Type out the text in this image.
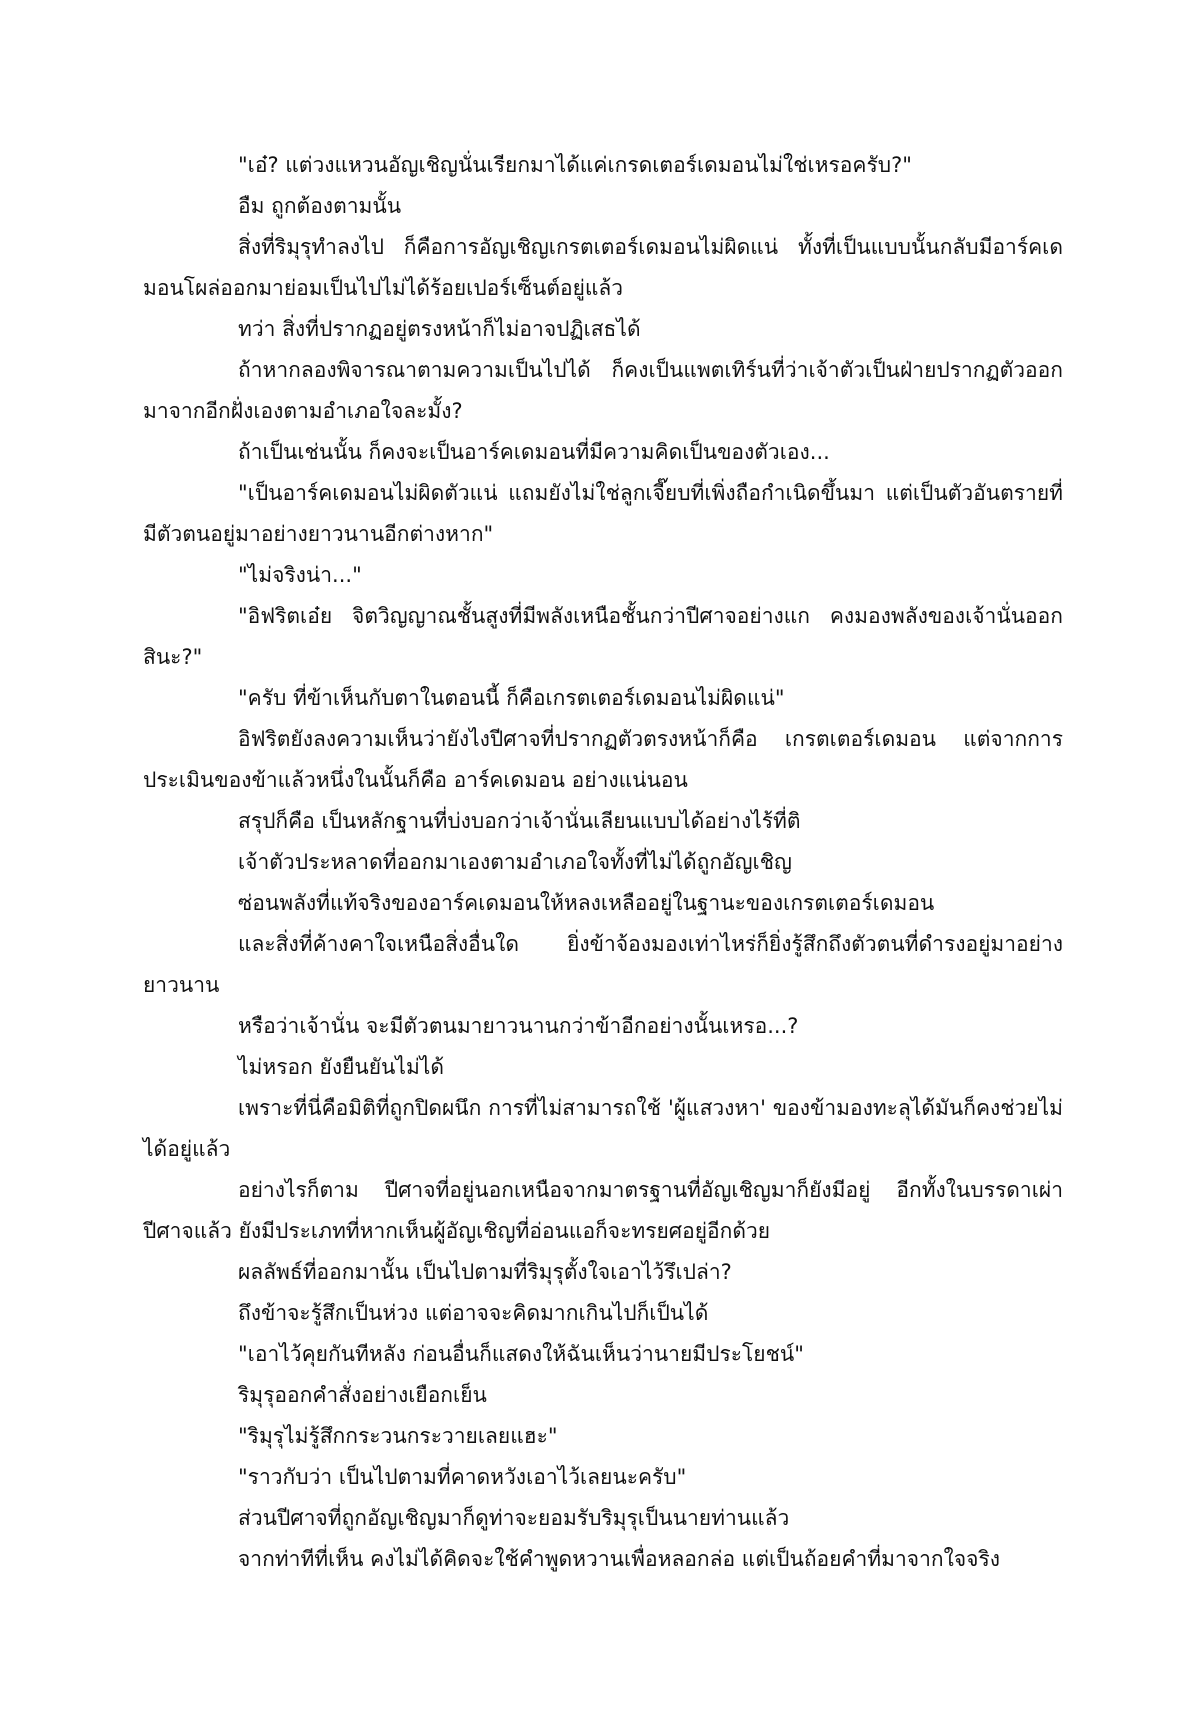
"เอ๋? แต่วงแหวนอัญเชิญนั่นเรียกมาได้แค่เกรดเตอร์เดมอนไม่ใช่เหรอครับ?"

อืม ถูกต้องตามนั้น

สิ่งที่ริมุรุทำลงไป ก็คือการอัญเชิญเกรตเตอร์เดมอนไม่ผิดแน่ ทั้งที่เป็นแบบนั้นกลับมีอาร์คเดมอนโผล่ออกมาย่อมเป็นไปไม่ได้ร้อยเปอร์เซ็นต์อยู่แล้ว

ทว่า สิ่งที่ปรากฏอยู่ตรงหน้าก็ไม่อาจปฏิเสธได้

ถ้าหากลองพิจารณาตามความเป็นไปได้ ก็คงเป็นแพตเทิร์นที่ว่าเจ้าตัวเป็นฝ่ายปรากฏตัวออกมาจากอีกฝั่งเองตามอำเภอใจละมั้ง?

ถ้าเป็นเช่นนั้น ก็คงจะเป็นอาร์คเดมอนที่มีความคิดเป็นของตัวเอง...

"เป็นอาร์คเดมอนไม่ผิดตัวแน่ แถมยังไม่ใช่ลูกเจี๊ยบที่เพิ่งถือกำเนิดขึ้นมา แต่เป็นตัวอันตรายที่มีตัวตนอยู่มาอย่างยาวนานอีกต่างหาก"

"ไม่จริงน่า..."

"อิฟริตเอ๋ย จิตวิญญาณชั้นสูงที่มีพลังเหนือชั้นกว่าปีศาจอย่างแก คงมองพลังของเจ้านั่นออกสินะ?"

"ครับ ที่ข้าเห็นกับตาในตอนนี้ ก็คือเกรตเตอร์เดมอนไม่ผิดแน่"

อิฟริตยังลงความเห็นว่ายังไงปีศาจที่ปรากฏตัวตรงหน้าก็คือ เกรตเตอร์เดมอน แต่จากการประเมินของข้าแล้วหนึ่งในนั้นก็คือ อาร์คเดมอน อย่างแน่นอน

สรุปก็คือ เป็นหลักฐานที่บ่งบอกว่าเจ้านั่นเลียนแบบได้อย่างไร้ที่ติ

เจ้าตัวประหลาดที่ออกมาเองตามอำเภอใจทั้งที่ไม่ได้ถูกอัญเชิญ

ซ่อนพลังที่แท้จริงของอาร์คเดมอนให้หลงเหลืออยู่ในฐานะของเกรตเตอร์เดมอน

และสิ่งที่ค้างคาใจเหนือสิ่งอื่นใด ยิ่งข้าจ้องมองเท่าไหร่ก็ยิ่งรู้สึกถึงตัวตนที่ดำรงอยู่มาอย่างยาวนาน

หรือว่าเจ้านั่น จะมีตัวตนมายาวนานกว่าข้าอีกอย่างนั้นเหรอ...?

ไม่หรอก ยังยืนยันไม่ได้

เพราะที่นี่คือมิติที่ถูกปิดผนึก การที่ไม่สามารถใช้ 'ผู้แสวงหา' ของข้ามองทะลุได้มันก็คงช่วยไม่ได้อยู่แล้ว

อย่างไรก็ตาม ปีศาจที่อยู่นอกเหนือจากมาตรฐานที่อัญเชิญมาก็ยังมีอยู่ อีกทั้งในบรรดาเผ่าปีศาจแล้ว ยังมีประเภทที่หากเห็นผู้อัญเชิญที่อ่อนแอก็จะทรยศอยู่อีกด้วย

ผลลัพธ์ที่ออกมานั้น เป็นไปตามที่ริมุรุตั้งใจเอาไว้รึเปล่า?

ถึงข้าจะรู้สึกเป็นห่วง แต่อาจจะคิดมากเกินไปก็เป็นได้

"เอาไว้คุยกันทีหลัง ก่อนอื่นก็แสดงให้ฉันเห็นว่านายมีประโยชน์"

ริมุรุออกคำสั่งอย่างเยือกเย็น

"ริมุรุไม่รู้สึกกระวนกระวายเลยแฮะ"

"ราวกับว่า เป็นไปตามที่คาดหวังเอาไว้เลยนะครับ"

ส่วนปีศาจที่ถูกอัญเชิญมาก็ดูท่าจะยอมรับริมุรุเป็นนายท่านแล้ว

จากท่าทีที่เห็น คงไม่ได้คิดจะใช้คำพูดหวานเพื่อหลอกล่อ แต่เป็นถ้อยคำที่มาจากใจจริง
